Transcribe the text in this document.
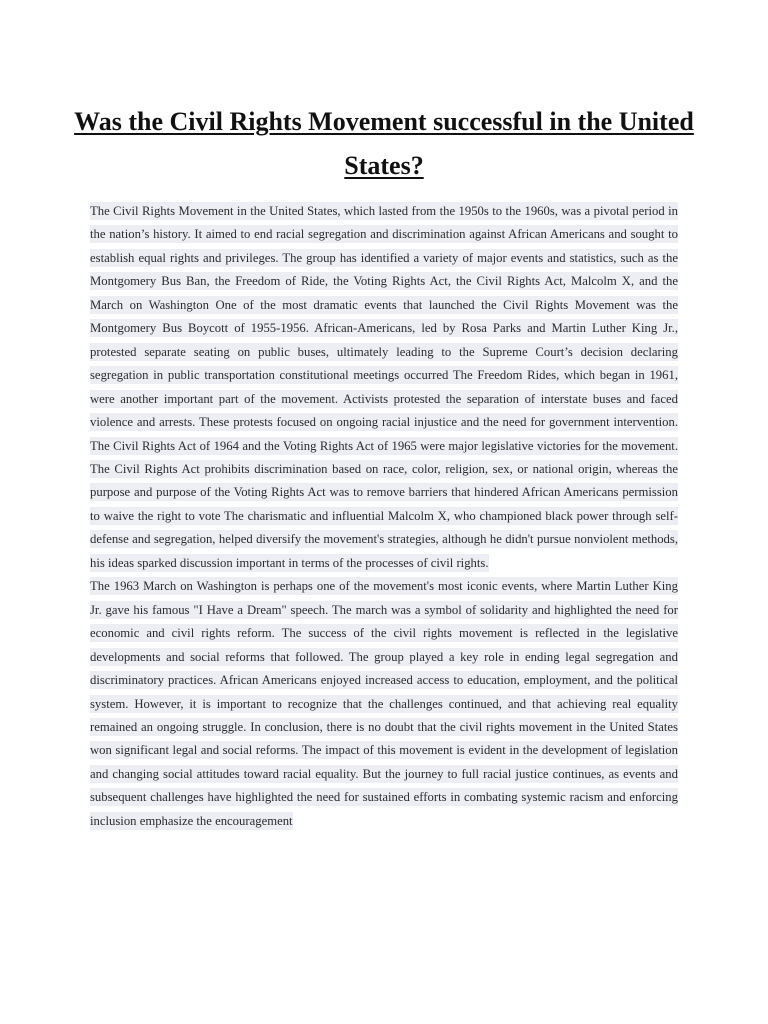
Was the Civil Rights Movement successful in the United States?

The Civil Rights Movement in the United States, which lasted from the 1950s to the 1960s, was a pivotal period in the nation’s history. It aimed to end racial segregation and discrimination against African Americans and sought to establish equal rights and privileges. The group has identified a variety of major events and statistics, such as the Montgomery Bus Ban, the Freedom of Ride, the Voting Rights Act, the Civil Rights Act, Malcolm X, and the March on Washington One of the most dramatic events that launched the Civil Rights Movement was the Montgomery Bus Boycott of 1955-1956. African-Americans, led by Rosa Parks and Martin Luther King Jr., protested separate seating on public buses, ultimately leading to the Supreme Court’s decision declaring segregation in public transportation constitutional meetings occurred The Freedom Rides, which began in 1961, were another important part of the movement. Activists protested the separation of interstate buses and faced violence and arrests. These protests focused on ongoing racial injustice and the need for government intervention. The Civil Rights Act of 1964 and the Voting Rights Act of 1965 were major legislative victories for the movement. The Civil Rights Act prohibits discrimination based on race, color, religion, sex, or national origin, whereas the purpose and purpose of the Voting Rights Act was to remove barriers that hindered African Americans permission to waive the right to vote The charismatic and influential Malcolm X, who championed black power through self-defense and segregation, helped diversify the movement's strategies, although he didn't pursue nonviolent methods, his ideas sparked discussion important in terms of the processes of civil rights.

The 1963 March on Washington is perhaps one of the movement's most iconic events, where Martin Luther King Jr. gave his famous "I Have a Dream" speech. The march was a symbol of solidarity and highlighted the need for economic and civil rights reform. The success of the civil rights movement is reflected in the legislative developments and social reforms that followed. The group played a key role in ending legal segregation and discriminatory practices. African Americans enjoyed increased access to education, employment, and the political system. However, it is important to recognize that the challenges continued, and that achieving real equality remained an ongoing struggle. In conclusion, there is no doubt that the civil rights movement in the United States won significant legal and social reforms. The impact of this movement is evident in the development of legislation and changing social attitudes toward racial equality. But the journey to full racial justice continues, as events and subsequent challenges have highlighted the need for sustained efforts in combating systemic racism and enforcing inclusion emphasize the encouragement
